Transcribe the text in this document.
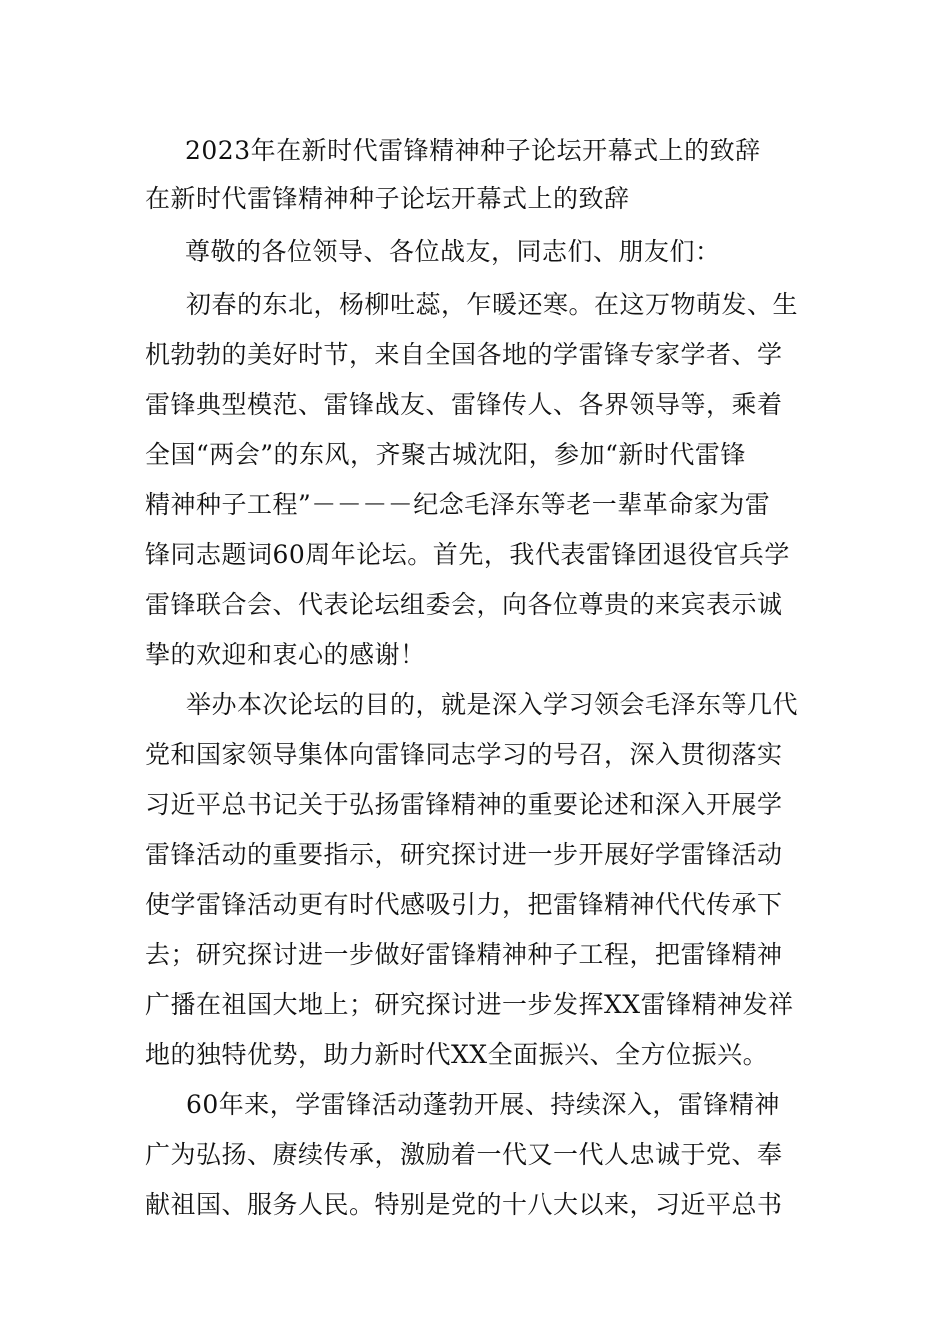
2023年在新时代雷锋精神种子论坛开幕式上的致辞
在新时代雷锋精神种子论坛开幕式上的致辞
尊敬的各位领导、各位战友，同志们、朋友们：
初春的东北，杨柳吐蕊，乍暖还寒。在这万物萌发、生
机勃勃的美好时节，来自全国各地的学雷锋专家学者、学
雷锋典型模范、雷锋战友、雷锋传人、各界领导等，乘着
全国“两会”的东风，齐聚古城沈阳，参加“新时代雷锋
精神种子工程”－－－－纪念毛泽东等老一辈革命家为雷
锋同志题词60周年论坛。首先，我代表雷锋团退役官兵学
雷锋联合会、代表论坛组委会，向各位尊贵的来宾表示诚
挚的欢迎和衷心的感谢！
举办本次论坛的目的，就是深入学习领会毛泽东等几代
党和国家领导集体向雷锋同志学习的号召，深入贯彻落实
习近平总书记关于弘扬雷锋精神的重要论述和深入开展学
雷锋活动的重要指示，研究探讨进一步开展好学雷锋活动
使学雷锋活动更有时代感吸引力，把雷锋精神代代传承下
去；研究探讨进一步做好雷锋精神种子工程，把雷锋精神
广播在祖国大地上；研究探讨进一步发挥XX雷锋精神发祥
地的独特优势，助力新时代XX全面振兴、全方位振兴。
60年来，学雷锋活动蓬勃开展、持续深入，雷锋精神
广为弘扬、赓续传承，激励着一代又一代人忠诚于党、奉
献祖国、服务人民。特别是党的十八大以来，习近平总书
